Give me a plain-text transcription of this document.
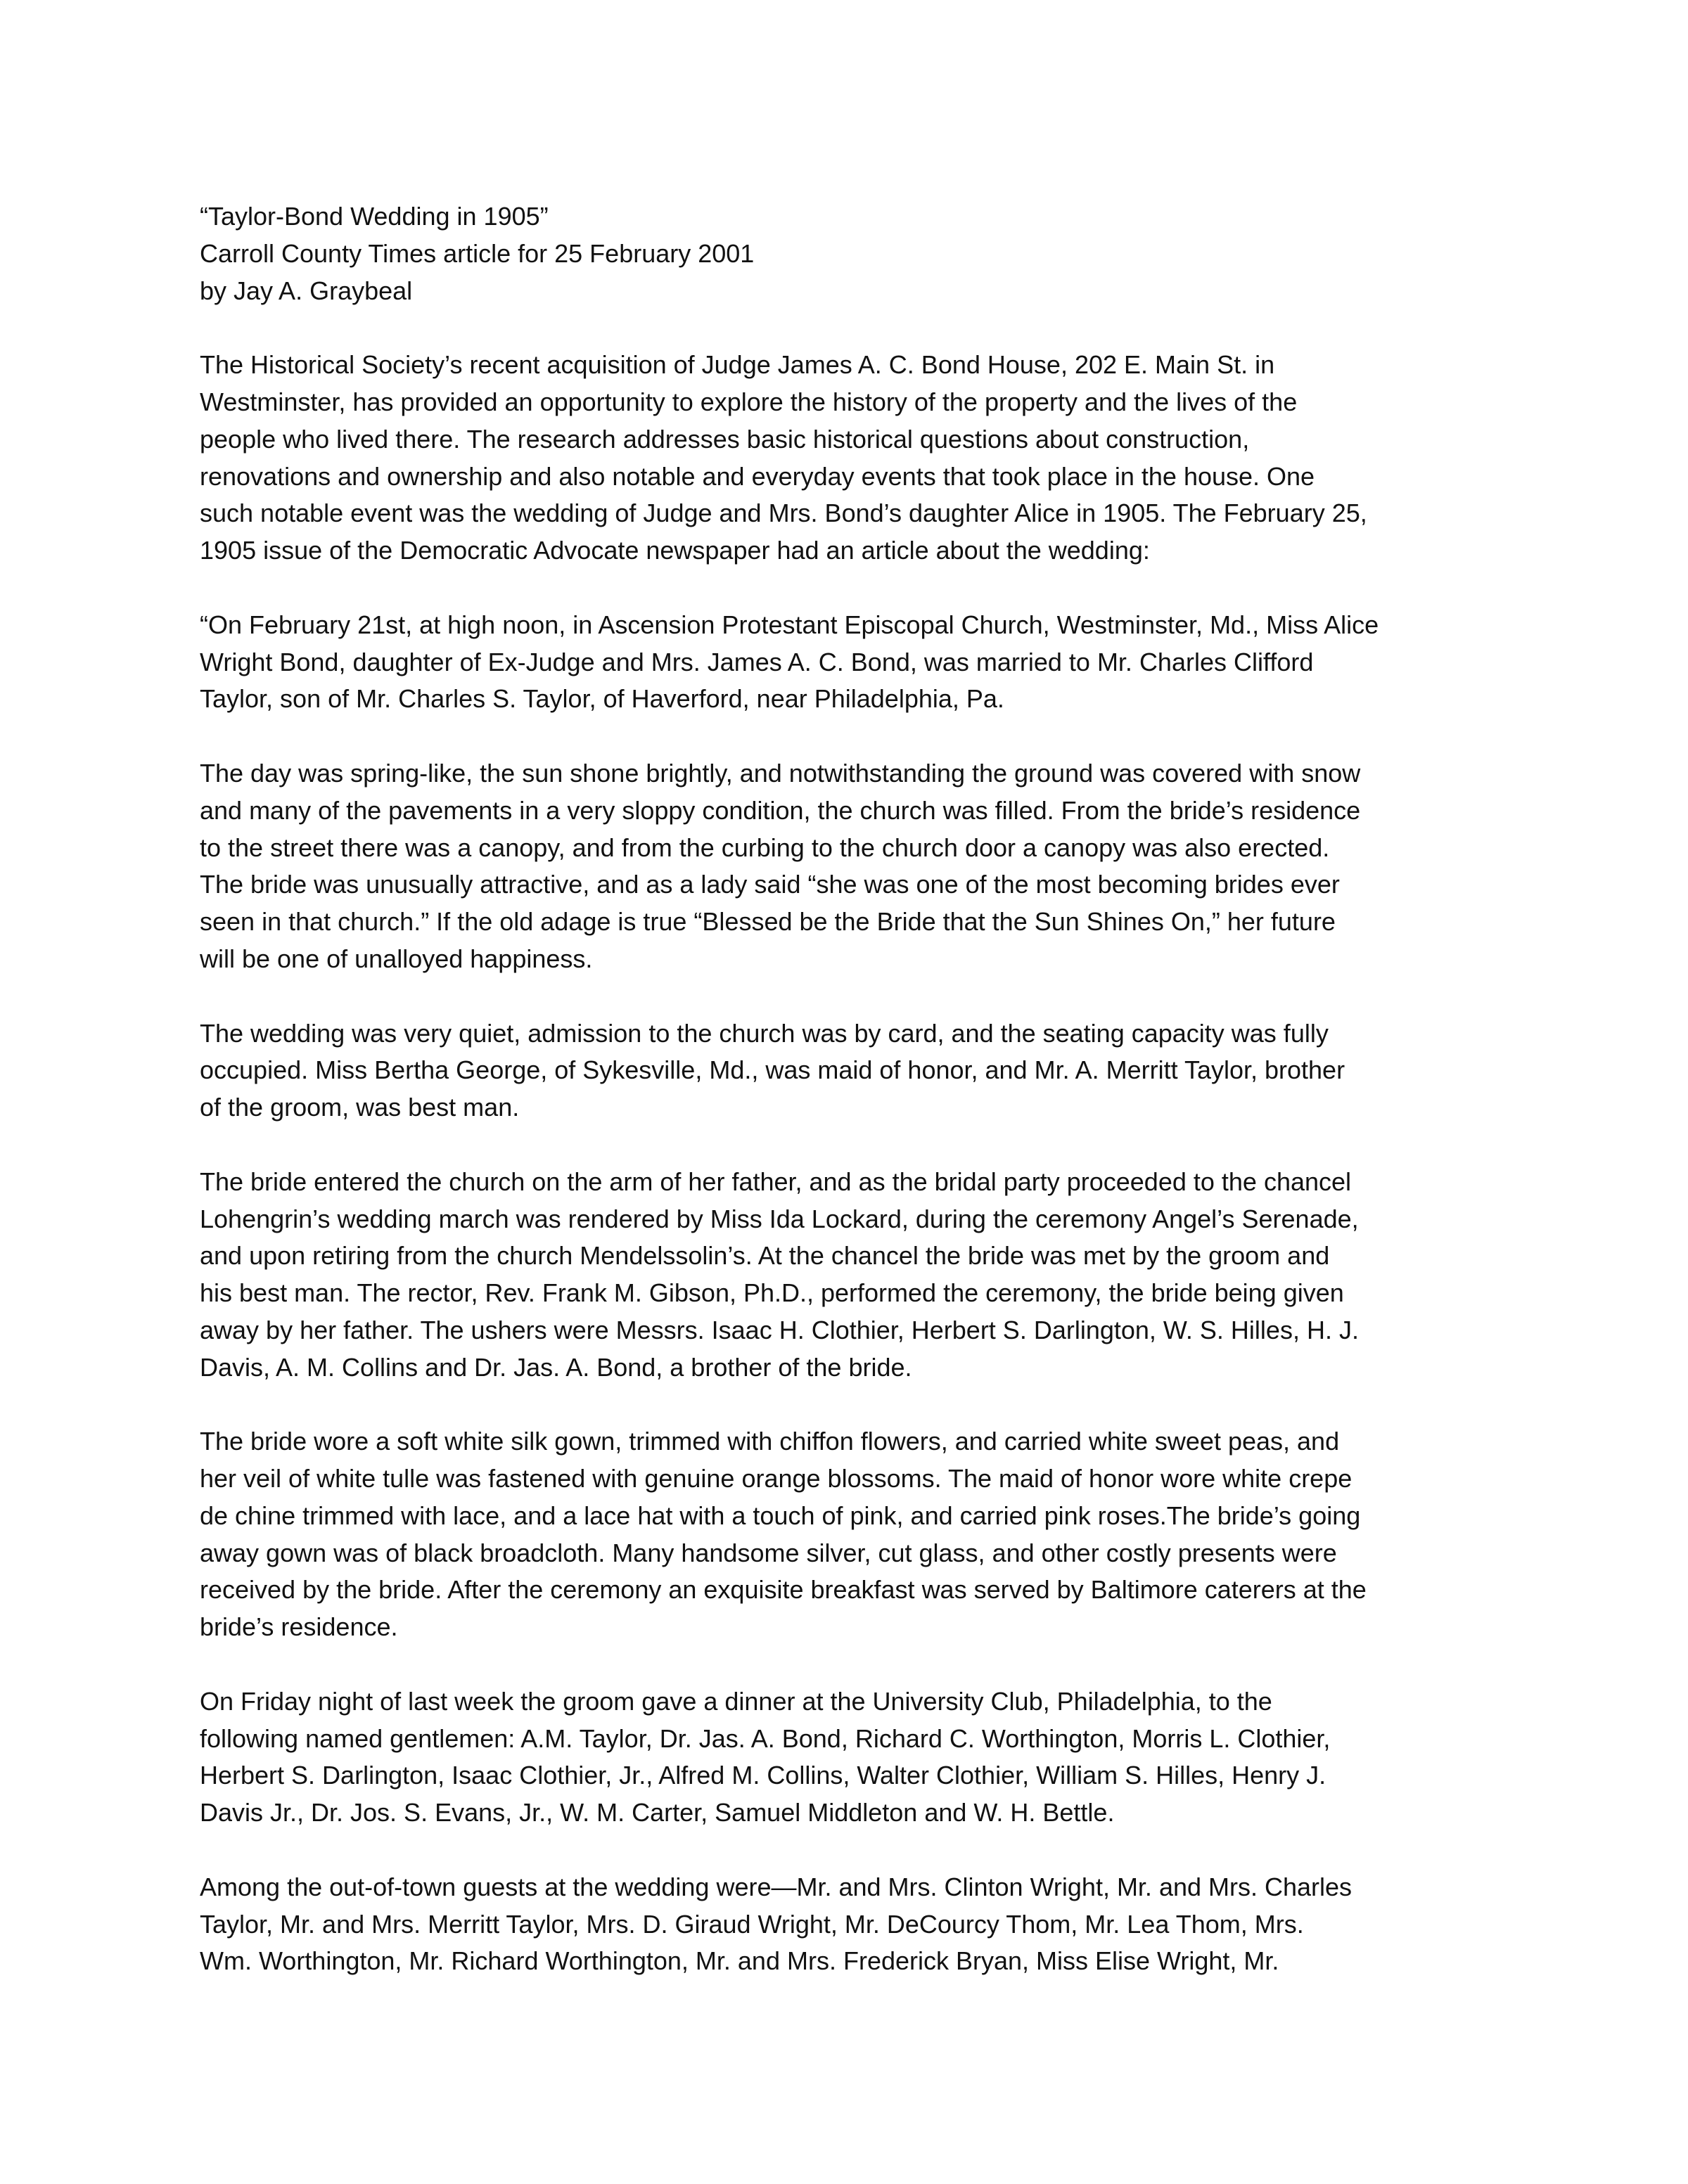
“Taylor-Bond Wedding in 1905”
Carroll County Times article for 25 February 2001
by Jay A. Graybeal

The Historical Society’s recent acquisition of Judge James A. C. Bond House, 202 E. Main St. in
Westminster, has provided an opportunity to explore the history of the property and the lives of the
people who lived there. The research addresses basic historical questions about construction,
renovations and ownership and also notable and everyday events that took place in the house. One
such notable event was the wedding of Judge and Mrs. Bond’s daughter Alice in 1905. The February 25,
1905 issue of the Democratic Advocate newspaper had an article about the wedding:

“On February 21st, at high noon, in Ascension Protestant Episcopal Church, Westminster, Md., Miss Alice
Wright Bond, daughter of Ex-Judge and Mrs. James A. C. Bond, was married to Mr. Charles Clifford
Taylor, son of Mr. Charles S. Taylor, of Haverford, near Philadelphia, Pa.

The day was spring-like, the sun shone brightly, and notwithstanding the ground was covered with snow
and many of the pavements in a very sloppy condition, the church was filled. From the bride’s residence
to the street there was a canopy, and from the curbing to the church door a canopy was also erected.
The bride was unusually attractive, and as a lady said “she was one of the most becoming brides ever
seen in that church.” If the old adage is true “Blessed be the Bride that the Sun Shines On,” her future
will be one of unalloyed happiness.

The wedding was very quiet, admission to the church was by card, and the seating capacity was fully
occupied. Miss Bertha George, of Sykesville, Md., was maid of honor, and Mr. A. Merritt Taylor, brother
of the groom, was best man.

The bride entered the church on the arm of her father, and as the bridal party proceeded to the chancel
Lohengrin’s wedding march was rendered by Miss Ida Lockard, during the ceremony Angel’s Serenade,
and upon retiring from the church Mendelssolin’s. At the chancel the bride was met by the groom and
his best man. The rector, Rev. Frank M. Gibson, Ph.D., performed the ceremony, the bride being given
away by her father. The ushers were Messrs. Isaac H. Clothier, Herbert S. Darlington, W. S. Hilles, H. J.
Davis, A. M. Collins and Dr. Jas. A. Bond, a brother of the bride.

The bride wore a soft white silk gown, trimmed with chiffon flowers, and carried white sweet peas, and
her veil of white tulle was fastened with genuine orange blossoms. The maid of honor wore white crepe
de chine trimmed with lace, and a lace hat with a touch of pink, and carried pink roses.The bride’s going
away gown was of black broadcloth. Many handsome silver, cut glass, and other costly presents were
received by the bride. After the ceremony an exquisite breakfast was served by Baltimore caterers at the
bride’s residence.

On Friday night of last week the groom gave a dinner at the University Club, Philadelphia, to the
following named gentlemen: A.M. Taylor, Dr. Jas. A. Bond, Richard C. Worthington, Morris L. Clothier,
Herbert S. Darlington, Isaac Clothier, Jr., Alfred M. Collins, Walter Clothier, William S. Hilles, Henry J.
Davis Jr., Dr. Jos. S. Evans, Jr., W. M. Carter, Samuel Middleton and W. H. Bettle.

Among the out-of-town guests at the wedding were—Mr. and Mrs. Clinton Wright, Mr. and Mrs. Charles
Taylor, Mr. and Mrs. Merritt Taylor, Mrs. D. Giraud Wright, Mr. DeCourcy Thom, Mr. Lea Thom, Mrs.
Wm. Worthington, Mr. Richard Worthington, Mr. and Mrs. Frederick Bryan, Miss Elise Wright, Mr.
